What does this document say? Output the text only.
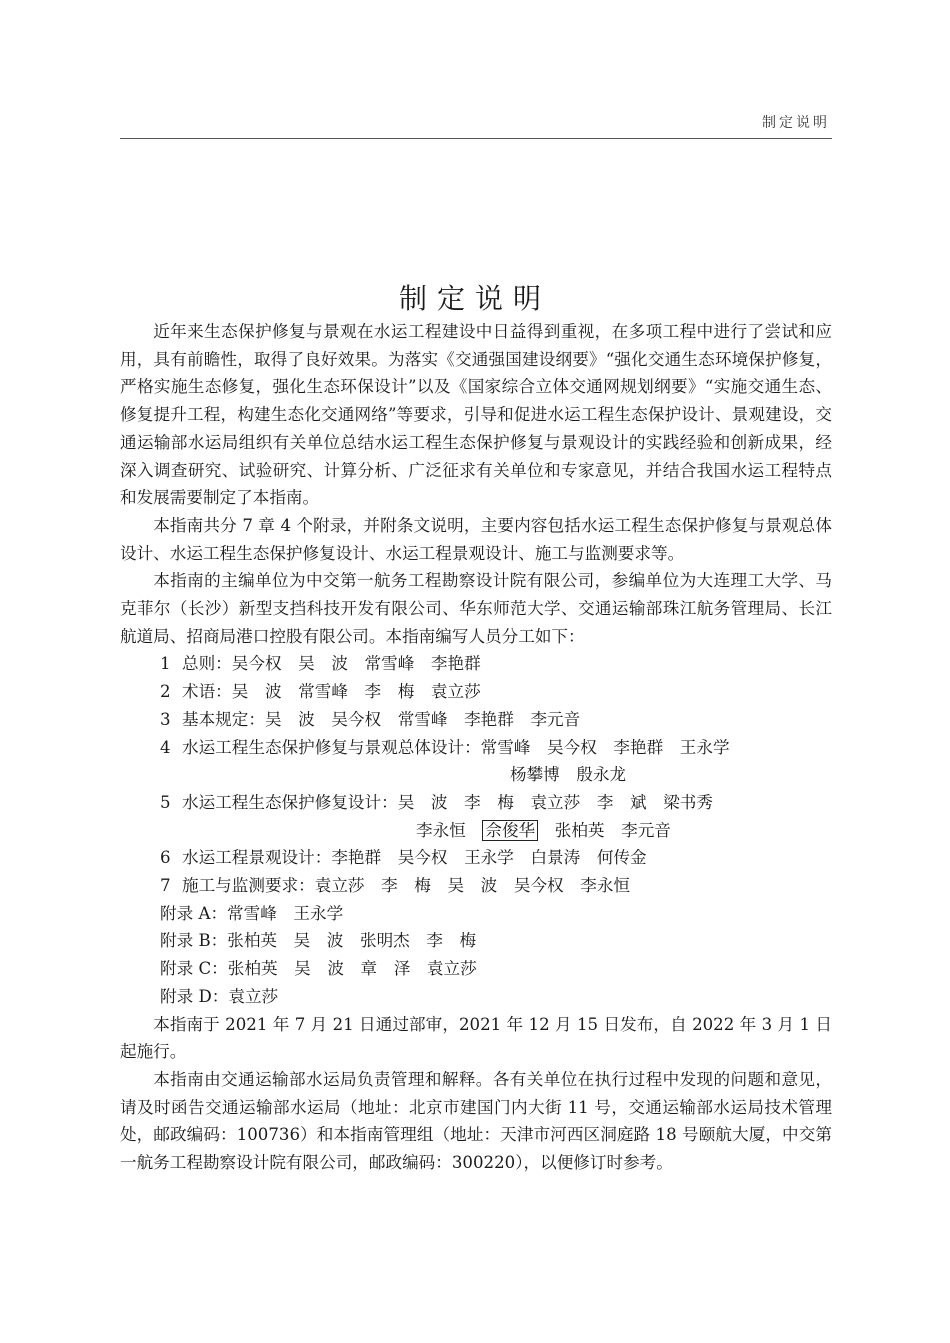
制定说明
制定说明

近年来生态保护修复与景观在水运工程建设中日益得到重视，在多项工程中进行了尝试和应用，具有前瞻性，取得了良好效果。为落实《交通强国建设纲要》“强化交通生态环境保护修复，严格实施生态修复，强化生态环保设计”以及《国家综合立体交通网规划纲要》“实施交通生态、修复提升工程，构建生态化交通网络”等要求，引导和促进水运工程生态保护设计、景观建设，交通运输部水运局组织有关单位总结水运工程生态保护修复与景观设计的实践经验和创新成果，经深入调查研究、试验研究、计算分析、广泛征求有关单位和专家意见，并结合我国水运工程特点和发展需要制定了本指南。

本指南共分 7 章 4 个附录，并附条文说明，主要内容包括水运工程生态保护修复与景观总体设计、水运工程生态保护修复设计、水运工程景观设计、施工与监测要求等。

本指南的主编单位为中交第一航务工程勘察设计院有限公司，参编单位为大连理工大学、马克菲尔（长沙）新型支挡科技开发有限公司、华东师范大学、交通运输部珠江航务管理局、长江航道局、招商局港口控股有限公司。本指南编写人员分工如下：

1 总则：吴今权　吴　波　常雪峰　李艳群
2 术语：吴　波　常雪峰　李　梅　袁立莎
3 基本规定：吴　波　吴今权　常雪峰　李艳群　李元音
4 水运工程生态保护修复与景观总体设计：常雪峰　吴今权　李艳群　王永学
杨攀博　殷永龙
5 水运工程生态保护修复设计：吴　波　李　梅　袁立莎　李　斌　梁书秀
李永恒　 佘俊华　 张柏英　李元音
6 水运工程景观设计：李艳群　吴今权　王永学　白景涛　何传金
7 施工与监测要求：袁立莎　李　梅　吴　波　吴今权　李永恒
附录 A：常雪峰　王永学
附录 B：张柏英　吴　波　张明杰　李　梅
附录 C：张柏英　吴　波　章　泽　袁立莎
附录 D：袁立莎

本指南于 2021 年 7 月 21 日通过部审，2021 年 12 月 15 日发布，自 2022 年 3 月 1 日起施行。

本指南由交通运输部水运局负责管理和解释。各有关单位在执行过程中发现的问题和意见，请及时函告交通运输部水运局（地址：北京市建国门内大街 11 号，交通运输部水运局技术管理处，邮政编码：100736）和本指南管理组（地址：天津市河西区洞庭路 18 号颐航大厦，中交第一航务工程勘察设计院有限公司，邮政编码：300220），以便修订时参考。
